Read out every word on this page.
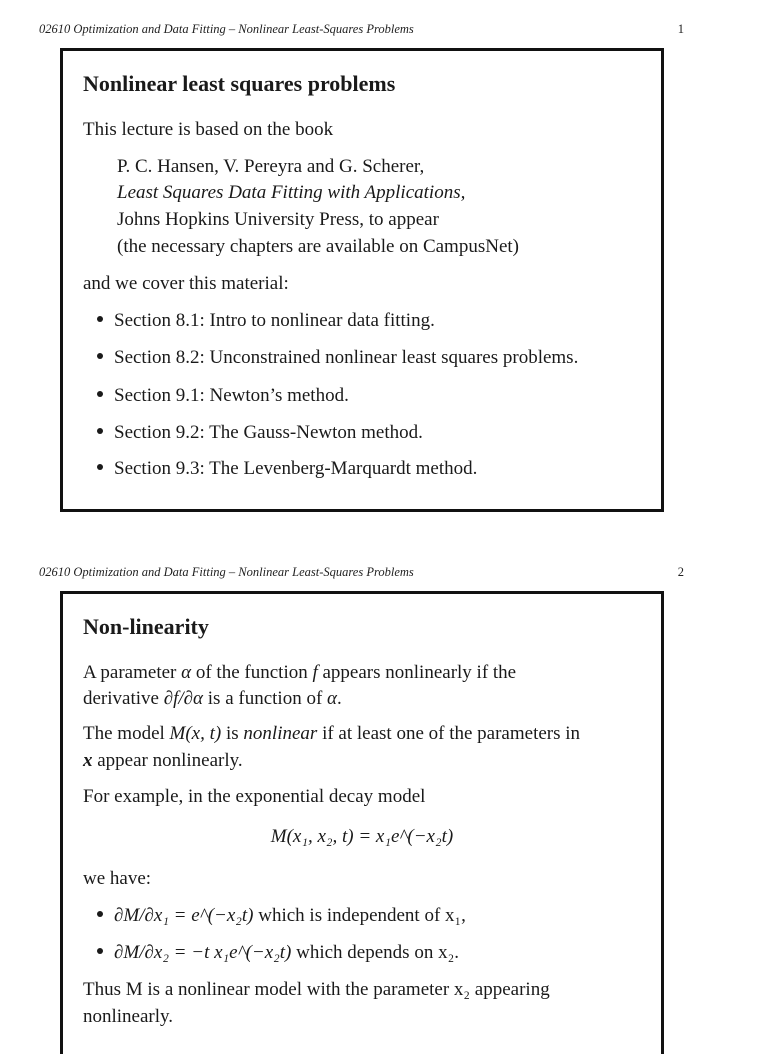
02610 Optimization and Data Fitting – Nonlinear Least-Squares Problems	1
Nonlinear least squares problems
This lecture is based on the book
P. C. Hansen, V. Pereyra and G. Scherer,
Least Squares Data Fitting with Applications,
Johns Hopkins University Press, to appear
(the necessary chapters are available on CampusNet)
and we cover this material:
Section 8.1: Intro to nonlinear data fitting.
Section 8.2: Unconstrained nonlinear least squares problems.
Section 9.1: Newton’s method.
Section 9.2: The Gauss-Newton method.
Section 9.3: The Levenberg-Marquardt method.
02610 Optimization and Data Fitting – Nonlinear Least-Squares Problems	2
Non-linearity
A parameter α of the function f appears nonlinearly if the
derivative ∂f/∂α is a function of α.
The model M(x, t) is nonlinear if at least one of the parameters in
x appear nonlinearly.
For example, in the exponential decay model
M(x₁, x₂, t) = x₁e^(−x₂t)
we have:
∂M/∂x₁ = e^(−x₂t) which is independent of x₁,
∂M/∂x₂ = −t x₁e^(−x₂t) which depends on x₂.
Thus M is a nonlinear model with the parameter x₂ appearing
nonlinearly.
